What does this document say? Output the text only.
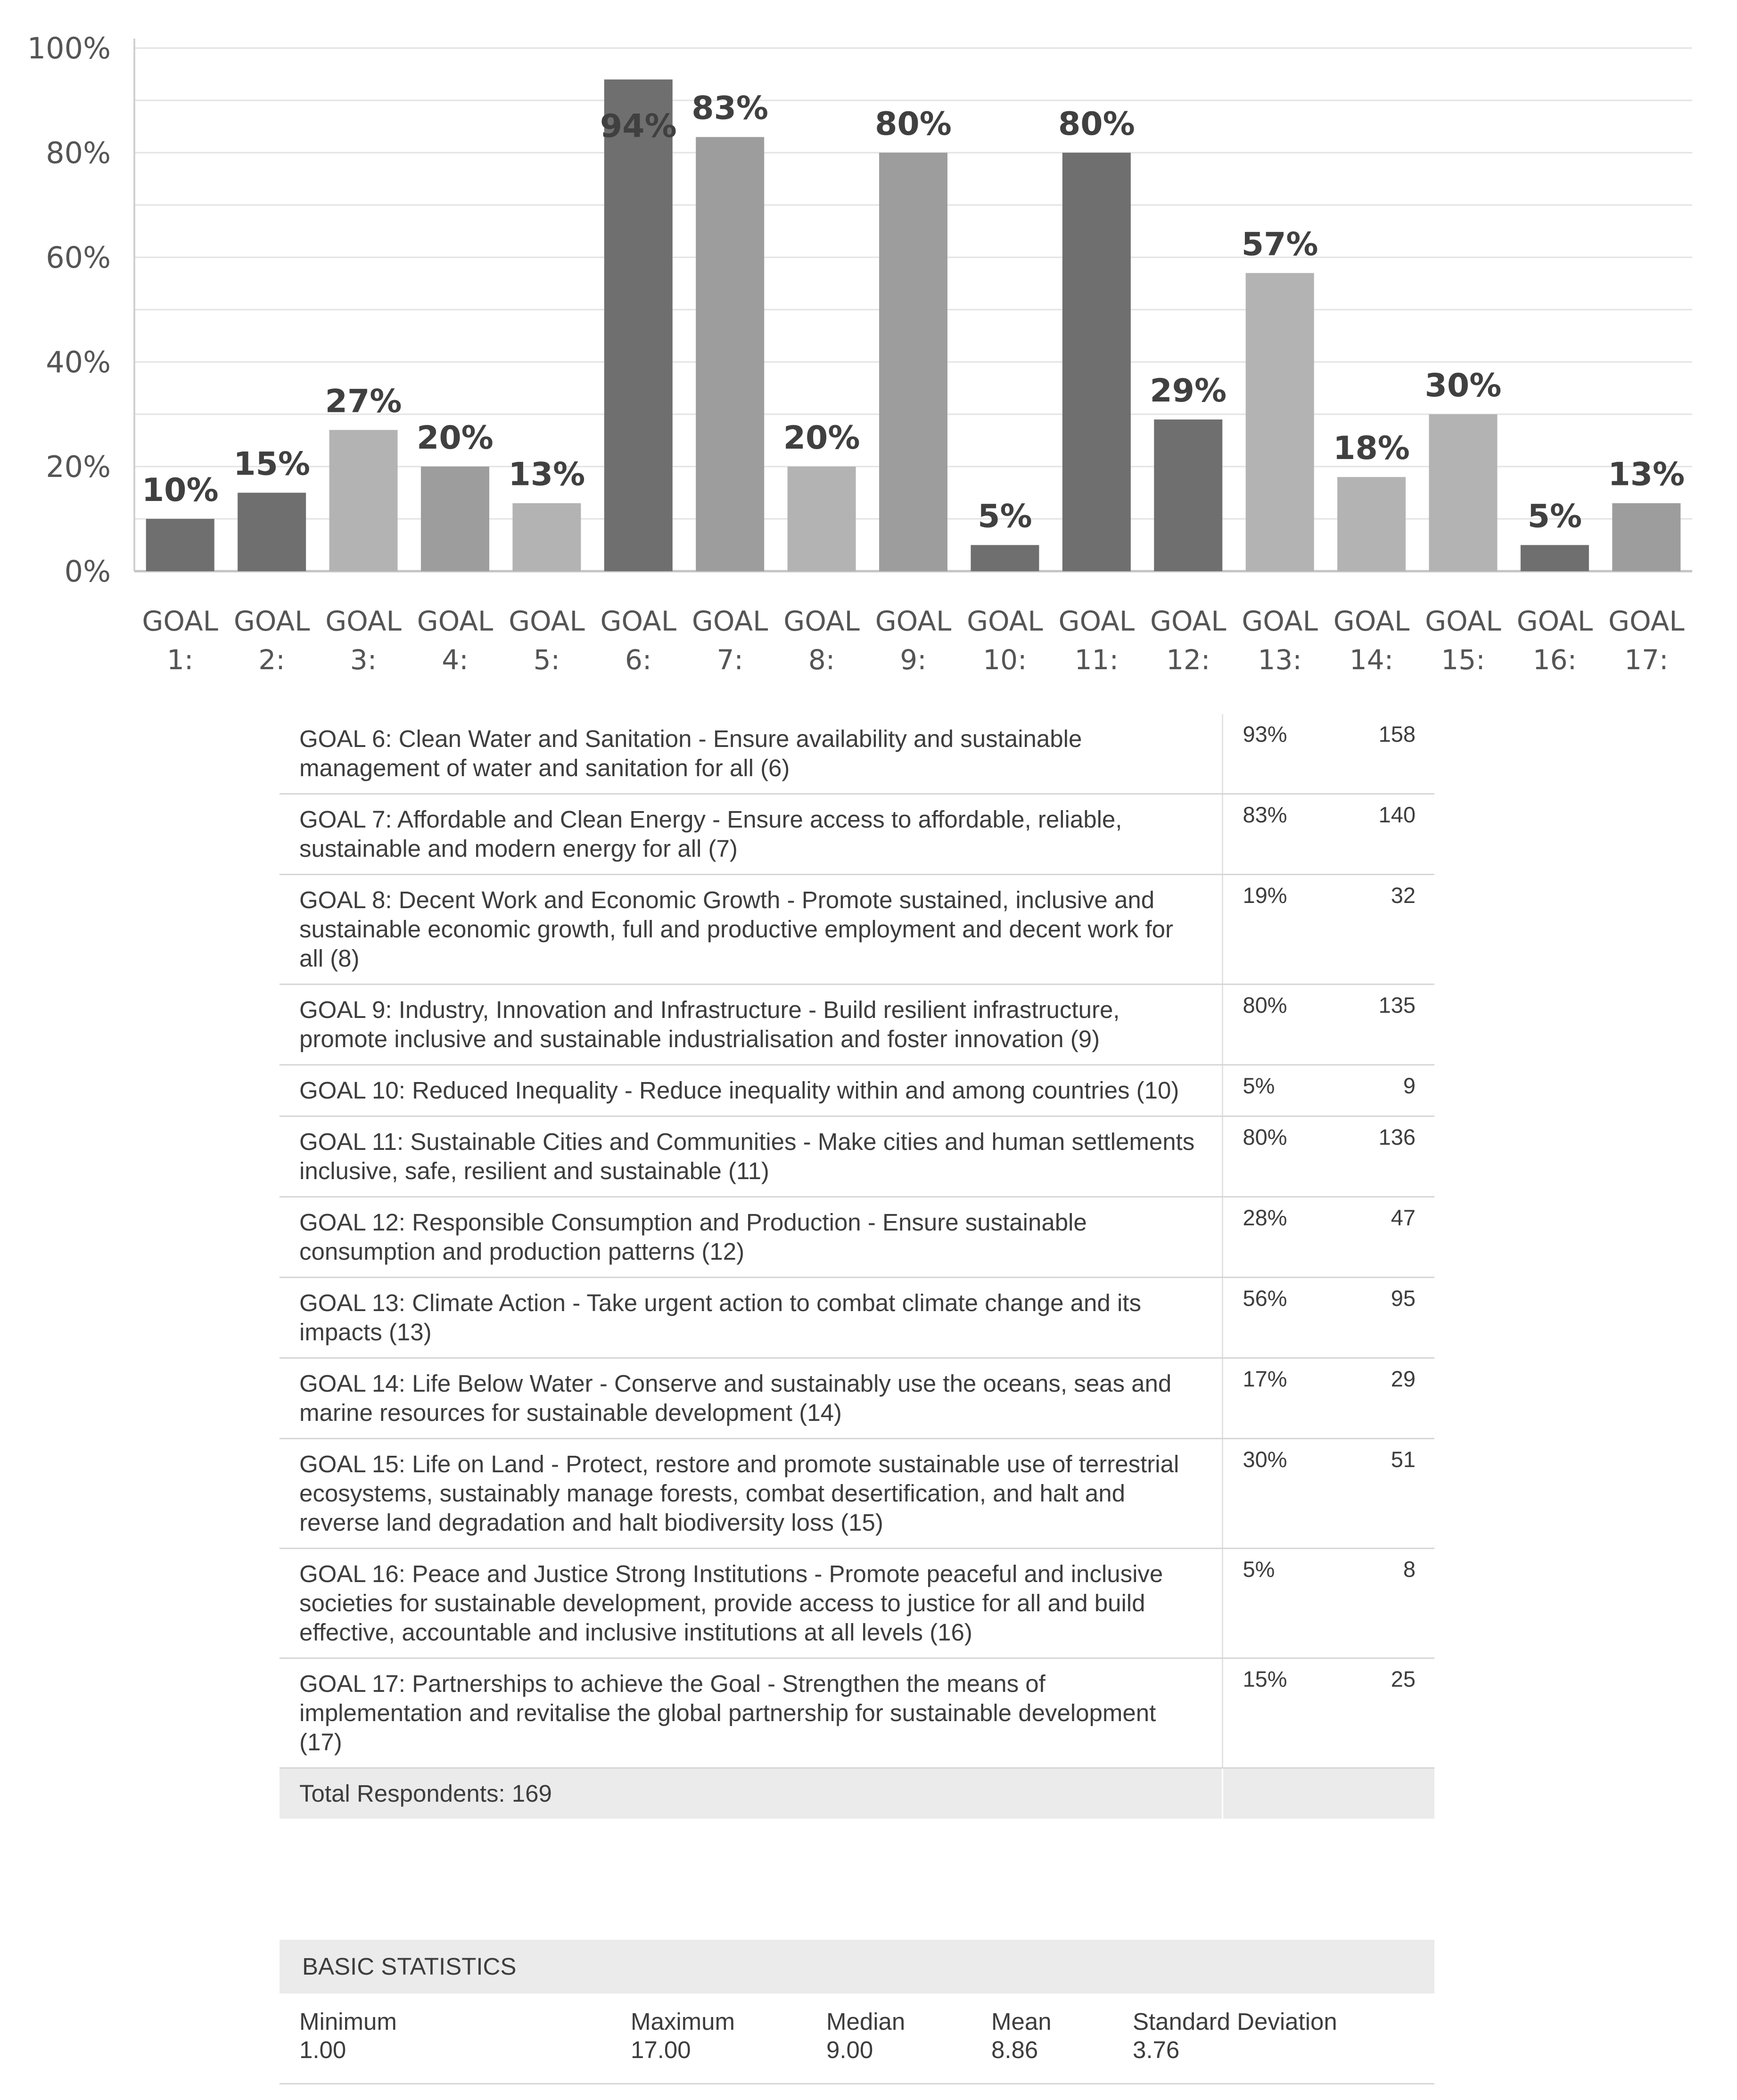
0%
20%
40%
60%
80%
100%
10%
15%
27%
20%
13%
94% 83%
20%
80%
5%
80%
29%
57%
18%
30%
5%
13%
GOAL
1:
GOAL
2:
GOAL
3:
GOAL
4:
GOAL
5:
GOAL
6:
GOAL
7:
GOAL
8:
GOAL
9:
GOAL
10:
GOAL
11:
GOAL
12:
GOAL
13:
GOAL
14:
GOAL
15:
GOAL
16:
GOAL
17:
GOAL 6: Clean Water and Sanitation - Ensure availability and sustainable management of water and sanitation for all (6)	93%	158
GOAL 7: Affordable and Clean Energy - Ensure access to affordable, reliable, sustainable and modern energy for all (7)	83%	140
GOAL 8: Decent Work and Economic Growth - Promote sustained, inclusive and sustainable economic growth, full and productive employment and decent work for all (8)	19%	32
GOAL 9: Industry, Innovation and Infrastructure - Build resilient infrastructure, promote inclusive and sustainable industrialisation and foster innovation (9)	80%	135
GOAL 10: Reduced Inequality - Reduce inequality within and among countries (10)	5%	9
GOAL 11: Sustainable Cities and Communities - Make cities and human settlements inclusive, safe, resilient and sustainable (11)	80%	136
GOAL 12: Responsible Consumption and Production - Ensure sustainable consumption and production patterns (12)	28%	47
GOAL 13: Climate Action - Take urgent action to combat climate change and its impacts (13)	56%	95
GOAL 14: Life Below Water - Conserve and sustainably use the oceans, seas and marine resources for sustainable development (14)	17%	29
GOAL 15: Life on Land - Protect, restore and promote sustainable use of terrestrial ecosystems, sustainably manage forests, combat desertification, and halt and reverse land degradation and halt biodiversity loss (15)	30%	51
GOAL 16: Peace and Justice Strong Institutions - Promote peaceful and inclusive societies for sustainable development, provide access to justice for all and build effective, accountable and inclusive institutions at all levels (16)	5%	8
GOAL 17: Partnerships to achieve the Goal - Strengthen the means of implementation and revitalise the global partnership for sustainable development (17)	15%	25
Total Respondents: 169		
BASIC STATISTICS
Minimum
1.00
Maximum
17.00
Median
9.00
Mean
8.86
Standard Deviation
3.76
